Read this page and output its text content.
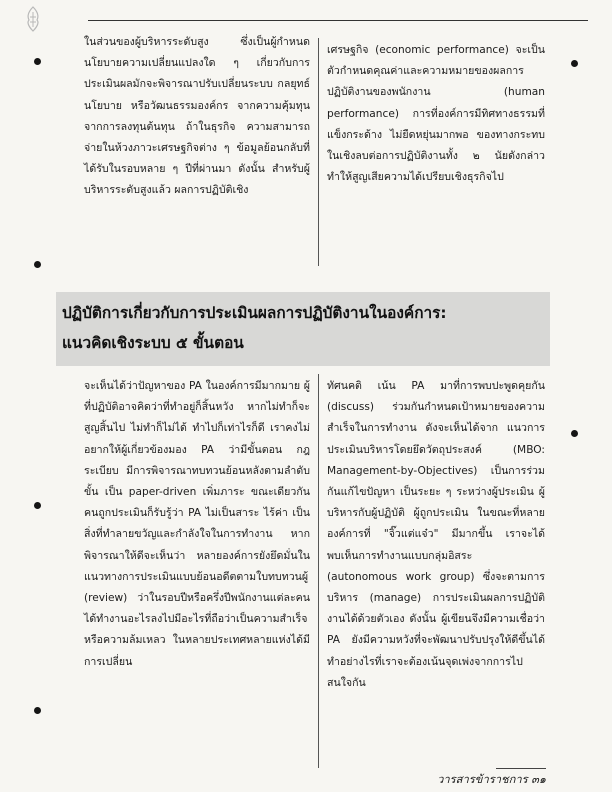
ในส่วนของผู้บริหารระดับสูง ซึ่งเป็นผู้กำหนดนโยบายความเปลี่ยนแปลงใด ๆ เกี่ยวกับการประเมินผลมักจะพิจารณาปรับเปลี่ยนระบบ กลยุทธ์ นโยบาย หรือวัฒนธรรมองค์กร จากความคุ้มทุนจากการลงทุนต้นทุน ถ้าในธุรกิจ ความสามารถจ่ายในห้วงภาวะเศรษฐกิจต่าง ๆ ข้อมูลย้อนกลับที่ได้รับในรอบหลาย ๆ ปีที่ผ่านมา ดังนั้น สำหรับผู้บริหารระดับสูงแล้ว ผลการปฏิบัติเชิง

เศรษฐกิจ (economic performance) จะเป็นตัวกำหนดคุณค่าและความหมายของผลการปฏิบัติงานของพนักงาน (human performance) การที่องค์การมีทิศทางธรรมที่แข็งกระด้าง ไม่ยืดหยุ่นมากพอ ของทางกระทบในเชิงลบต่อการปฏิบัติงานทั้ง ๒ นัยดังกล่าวทำให้สูญเสียความได้เปรียบเชิงธุรกิจไป

ปฏิบัติการเกี่ยวกับการประเมินผลการปฏิบัติงานในองค์การ:
แนวคิดเชิงระบบ ๕ ขั้นตอน

จะเห็นได้ว่าปัญหาของ PA ในองค์การมีมากมาย ผู้ที่ปฏิบัติอาจคิดว่าที่ทำอยู่ก็สิ้นหวัง หากไม่ทำก็จะสูญสิ้นไป ไม่ทำก็ไม่ได้ ทำไปก็เท่าไรก็ดี เราคงไม่อยากให้ผู้เกี่ยวข้องมอง PA ว่ามีขั้นตอน กฎระเบียบ มีการพิจารณาทบทวนย้อนหลังตามลำดับขั้น เป็น paper-driven เพิ่มภาระ ขณะเดียวกัน คนถูกประเมินก็รับรู้ว่า PA ไม่เป็นสาระ ไร้ค่า เป็นสิ่งที่ทำลายขวัญและกำลังใจในการทำงาน หากพิจารณาให้ดีจะเห็นว่า หลายองค์การยังยึดมั่นในแนวทางการประเมินแบบย้อนอดีตตามใบทบทวนผู้ (review) ว่าในรอบปีหรือครึ่งปีพนักงานแต่ละคนได้ทำงานอะไรลงไปมีอะไรที่ถือว่าเป็นความสำเร็จหรือความล้มเหลว ในหลายประเทศหลายแห่งได้มีการเปลี่ยน

ทัศนคติ เน้น PA มาที่การพบปะพูดคุยกัน (discuss) ร่วมกันกำหนดเป้าหมายของความสำเร็จในการทำงาน ดังจะเห็นได้จาก แนวการประเมินบริหารโดยยึดวัตถุประสงค์ (MBO: Management-by-Objectives) เป็นการร่วมกันแก้ไขปัญหา เป็นระยะ ๆ ระหว่างผู้ประเมิน ผู้บริหารกับผู้ปฏิบัติ ผู้ถูกประเมิน ในขณะที่หลายองค์การที่ "จิ๊วแต่แจ๋ว" มีมากขึ้น เราจะได้พบเห็นการทำงานแบบกลุ่มอิสระ (autonomous work group) ซึ่งจะตามการบริหาร (manage) การประเมินผลการปฏิบัติงานได้ด้วยตัวเอง ดังนั้น ผู้เขียนจึงมีความเชื่อว่า PA ยังมีความหวังที่จะพัฒนาปรับปรุงให้ดีขึ้นได้ ทำอย่างไรที่เราจะต้องเน้นจุดเพ่งจากการไปสนใจกัน

วารสารข้าราชการ ๓๑
